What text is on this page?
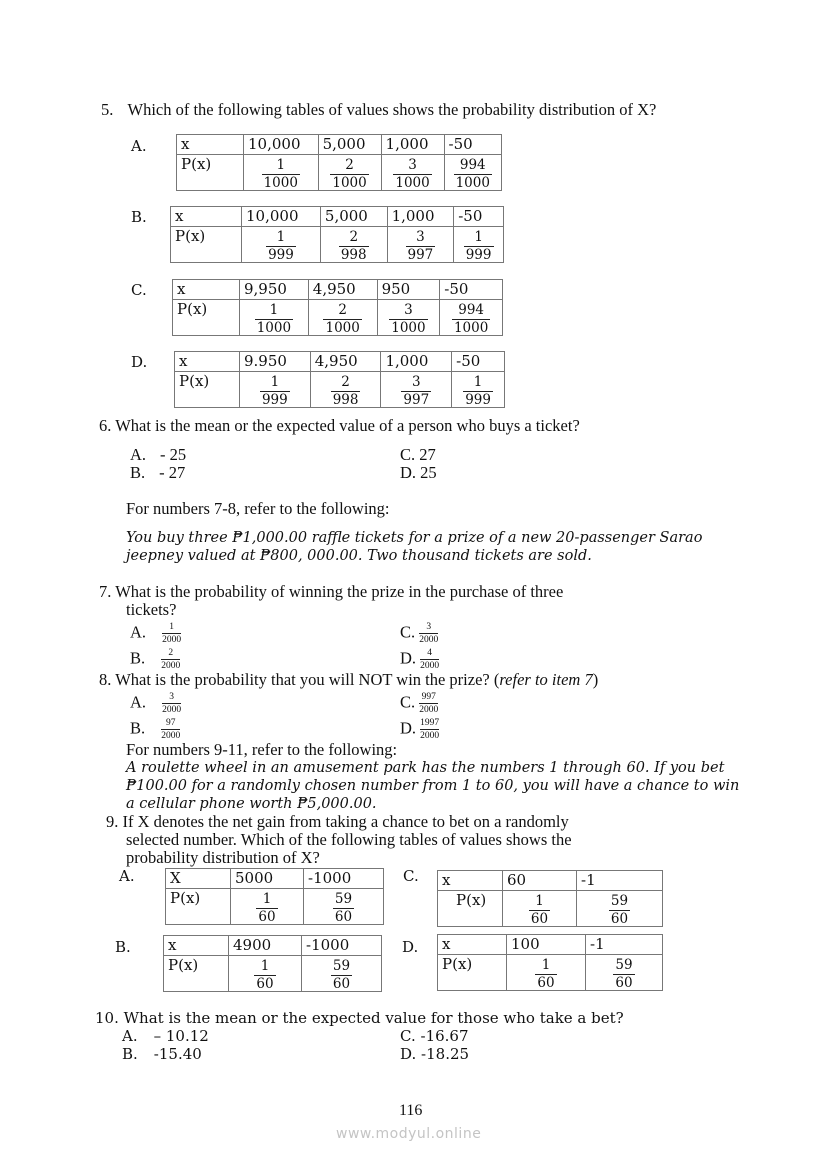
5. Which of the following tables of values shows the probability distribution of X?
A. x	10,000	5,000	1,000	-50
P(x)	$\frac{1}{1000}$	$\frac{2}{1000}$	$\frac{3}{1000}$	$\frac{994}{1000}$
B. x	10,000	5,000	1,000	-50
P(x)	$\frac{1}{999}$	$\frac{2}{998}$	$\frac{3}{997}$	$\frac{1}{999}$
C. x	9,950	4,950	950	-50
P(x)	$\frac{1}{1000}$	$\frac{2}{1000}$	$\frac{3}{1000}$	$\frac{994}{1000}$
D. x	9.950	4,950	1,000	-50
P(x)	$\frac{1}{999}$	$\frac{2}{998}$	$\frac{3}{997}$	$\frac{1}{999}$
6. What is the mean or the expected value of a person who buys a ticket?
A. - 25
B. - 27
C. 27
D. 25
For numbers 7-8, refer to the following:
You buy three ₱1,000.00 raffle tickets for a prize of a new 20-passenger Sarao
jeepney valued at ₱800, 000.00. Two thousand tickets are sold.
7. What is the probability of winning the prize in the purchase of three
tickets?
A. $\frac{1}{2000}$
B. $\frac{2}{2000}$
C. $\frac{3}{2000}$
D. $\frac{4}{2000}$
8. What is the probability that you will NOT win the prize? (refer to item 7)
A. $\frac{3}{2000}$
B. $\frac{97}{2000}$
C. $\frac{997}{2000}$
D. $\frac{1997}{2000}$
For numbers 9-11, refer to the following:
A roulette wheel in an amusement park has the numbers 1 through 60. If you bet
₱100.00 for a randomly chosen number from 1 to 60, you will have a chance to win
a cellular phone worth ₱5,000.00.
9. If X denotes the net gain from taking a chance to bet on a randomly
selected number. Which of the following tables of values shows the
probability distribution of X?
A. X	5000	-1000
P(x)	$\frac{1}{60}$	$\frac{59}{60}$
B. x	4900	-1000
P(x)	$\frac{1}{60}$	$\frac{59}{60}$
C. x	60	-1
P(x)	$\frac{1}{60}$	$\frac{59}{60}$
D. x	100	-1
P(x)	$\frac{1}{60}$	$\frac{59}{60}$
10. What is the mean or the expected value for those who take a bet?
A. – 10.12
B. -15.40
C. -16.67
D. -18.25
116
www.modyul.online
